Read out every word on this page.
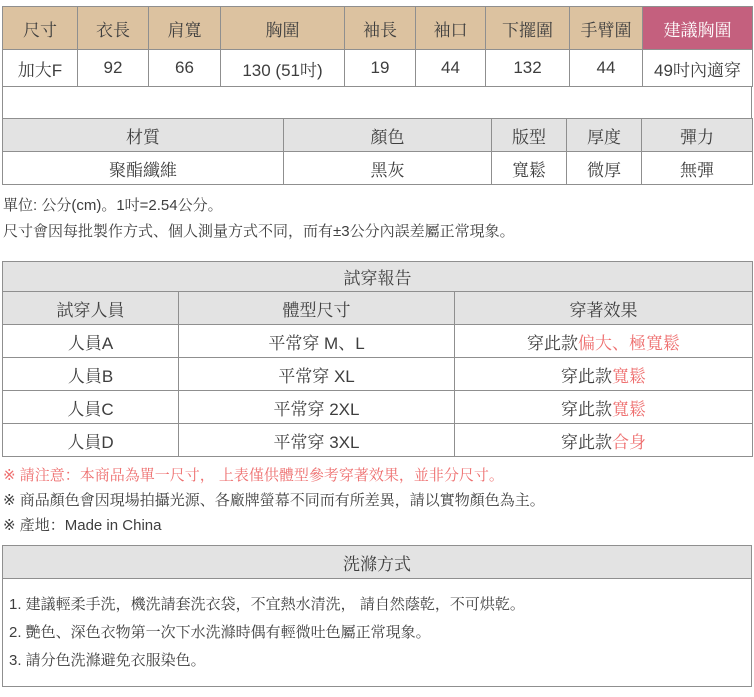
尺寸	衣長	肩寬	胸圍	袖長	袖口	下擺圍	手臂圍	建議胸圍
加大F	92	66	130 (51吋)	19	44	132	44	49吋內適穿
材質	顏色	版型	厚度	彈力
聚酯纖維	黑灰	寬鬆	微厚	無彈

單位: 公分(cm)。1吋=2.54公分。

尺寸會因每批製作方式、個人測量方式不同，而有±3公分內誤差屬正常現象。

試穿報告		
試穿人員	體型尺寸	穿著效果
人員A	平常穿 M、L	穿此款偏大、極寬鬆
人員B	平常穿 XL	穿此款寬鬆
人員C	平常穿 2XL	穿此款寬鬆
人員D	平常穿 3XL	穿此款合身

※ 請注意：本商品為單一尺寸， 上表僅供體型參考穿著效果，並非分尺寸。

※ 商品顏色會因現場拍攝光源、各廠牌螢幕不同而有所差異，請以實物顏色為主。

※ 產地：Made in China

洗滌方式

1. 建議輕柔手洗，機洗請套洗衣袋，不宜熱水清洗， 請自然蔭乾，不可烘乾。

2. 艷色、深色衣物第一次下水洗滌時偶有輕微吐色屬正常現象。

3. 請分色洗滌避免衣服染色。
